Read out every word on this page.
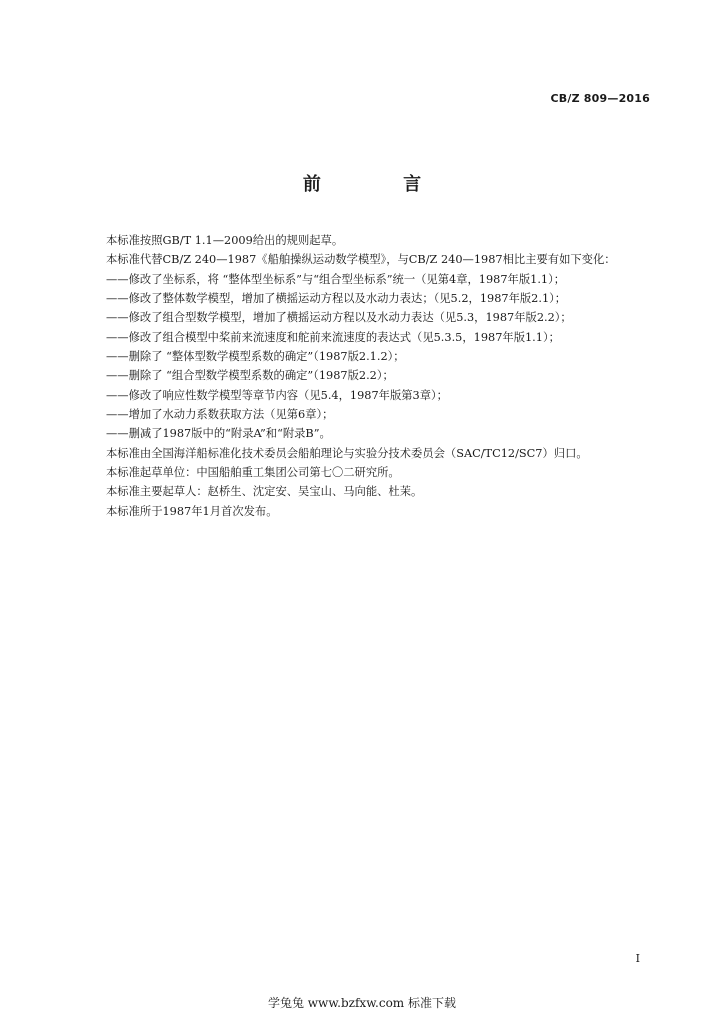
CB/Z 809—2016
前 言
本标准按照GB/T 1.1—2009给出的规则起草。
本标准代替CB/Z 240—1987《船舶操纵运动数学模型》，与CB/Z 240—1987相比主要有如下变化：
——修改了坐标系，将 “整体型坐标系”与“组合型坐标系”统一（见第4章，1987年版1.1）；
——修改了整体数学模型，增加了横摇运动方程以及水动力表达；（见5.2，1987年版2.1）；
——修改了组合型数学模型，增加了横摇运动方程以及水动力表达（见5.3，1987年版2.2）；
——修改了组合模型中桨前来流速度和舵前来流速度的表达式（见5.3.5，1987年版1.1）；
——删除了 “整体型数学模型系数的确定”（1987版2.1.2）；
——删除了 “组合型数学模型系数的确定”（1987版2.2）；
——修改了响应性数学模型等章节内容（见5.4，1987年版第3章）；
——增加了水动力系数获取方法（见第6章）；
——删减了1987版中的“附录A”和“附录B”。
本标准由全国海洋船标准化技术委员会船舶理论与实验分技术委员会（SAC/TC12/SC7）归口。
本标准起草单位：中国船舶重工集团公司第七〇二研究所。
本标准主要起草人：赵桥生、沈定安、吴宝山、马向能、杜茉。
本标准所于1987年1月首次发布。
I
学兔兔 www.bzfxw.com 标准下载
